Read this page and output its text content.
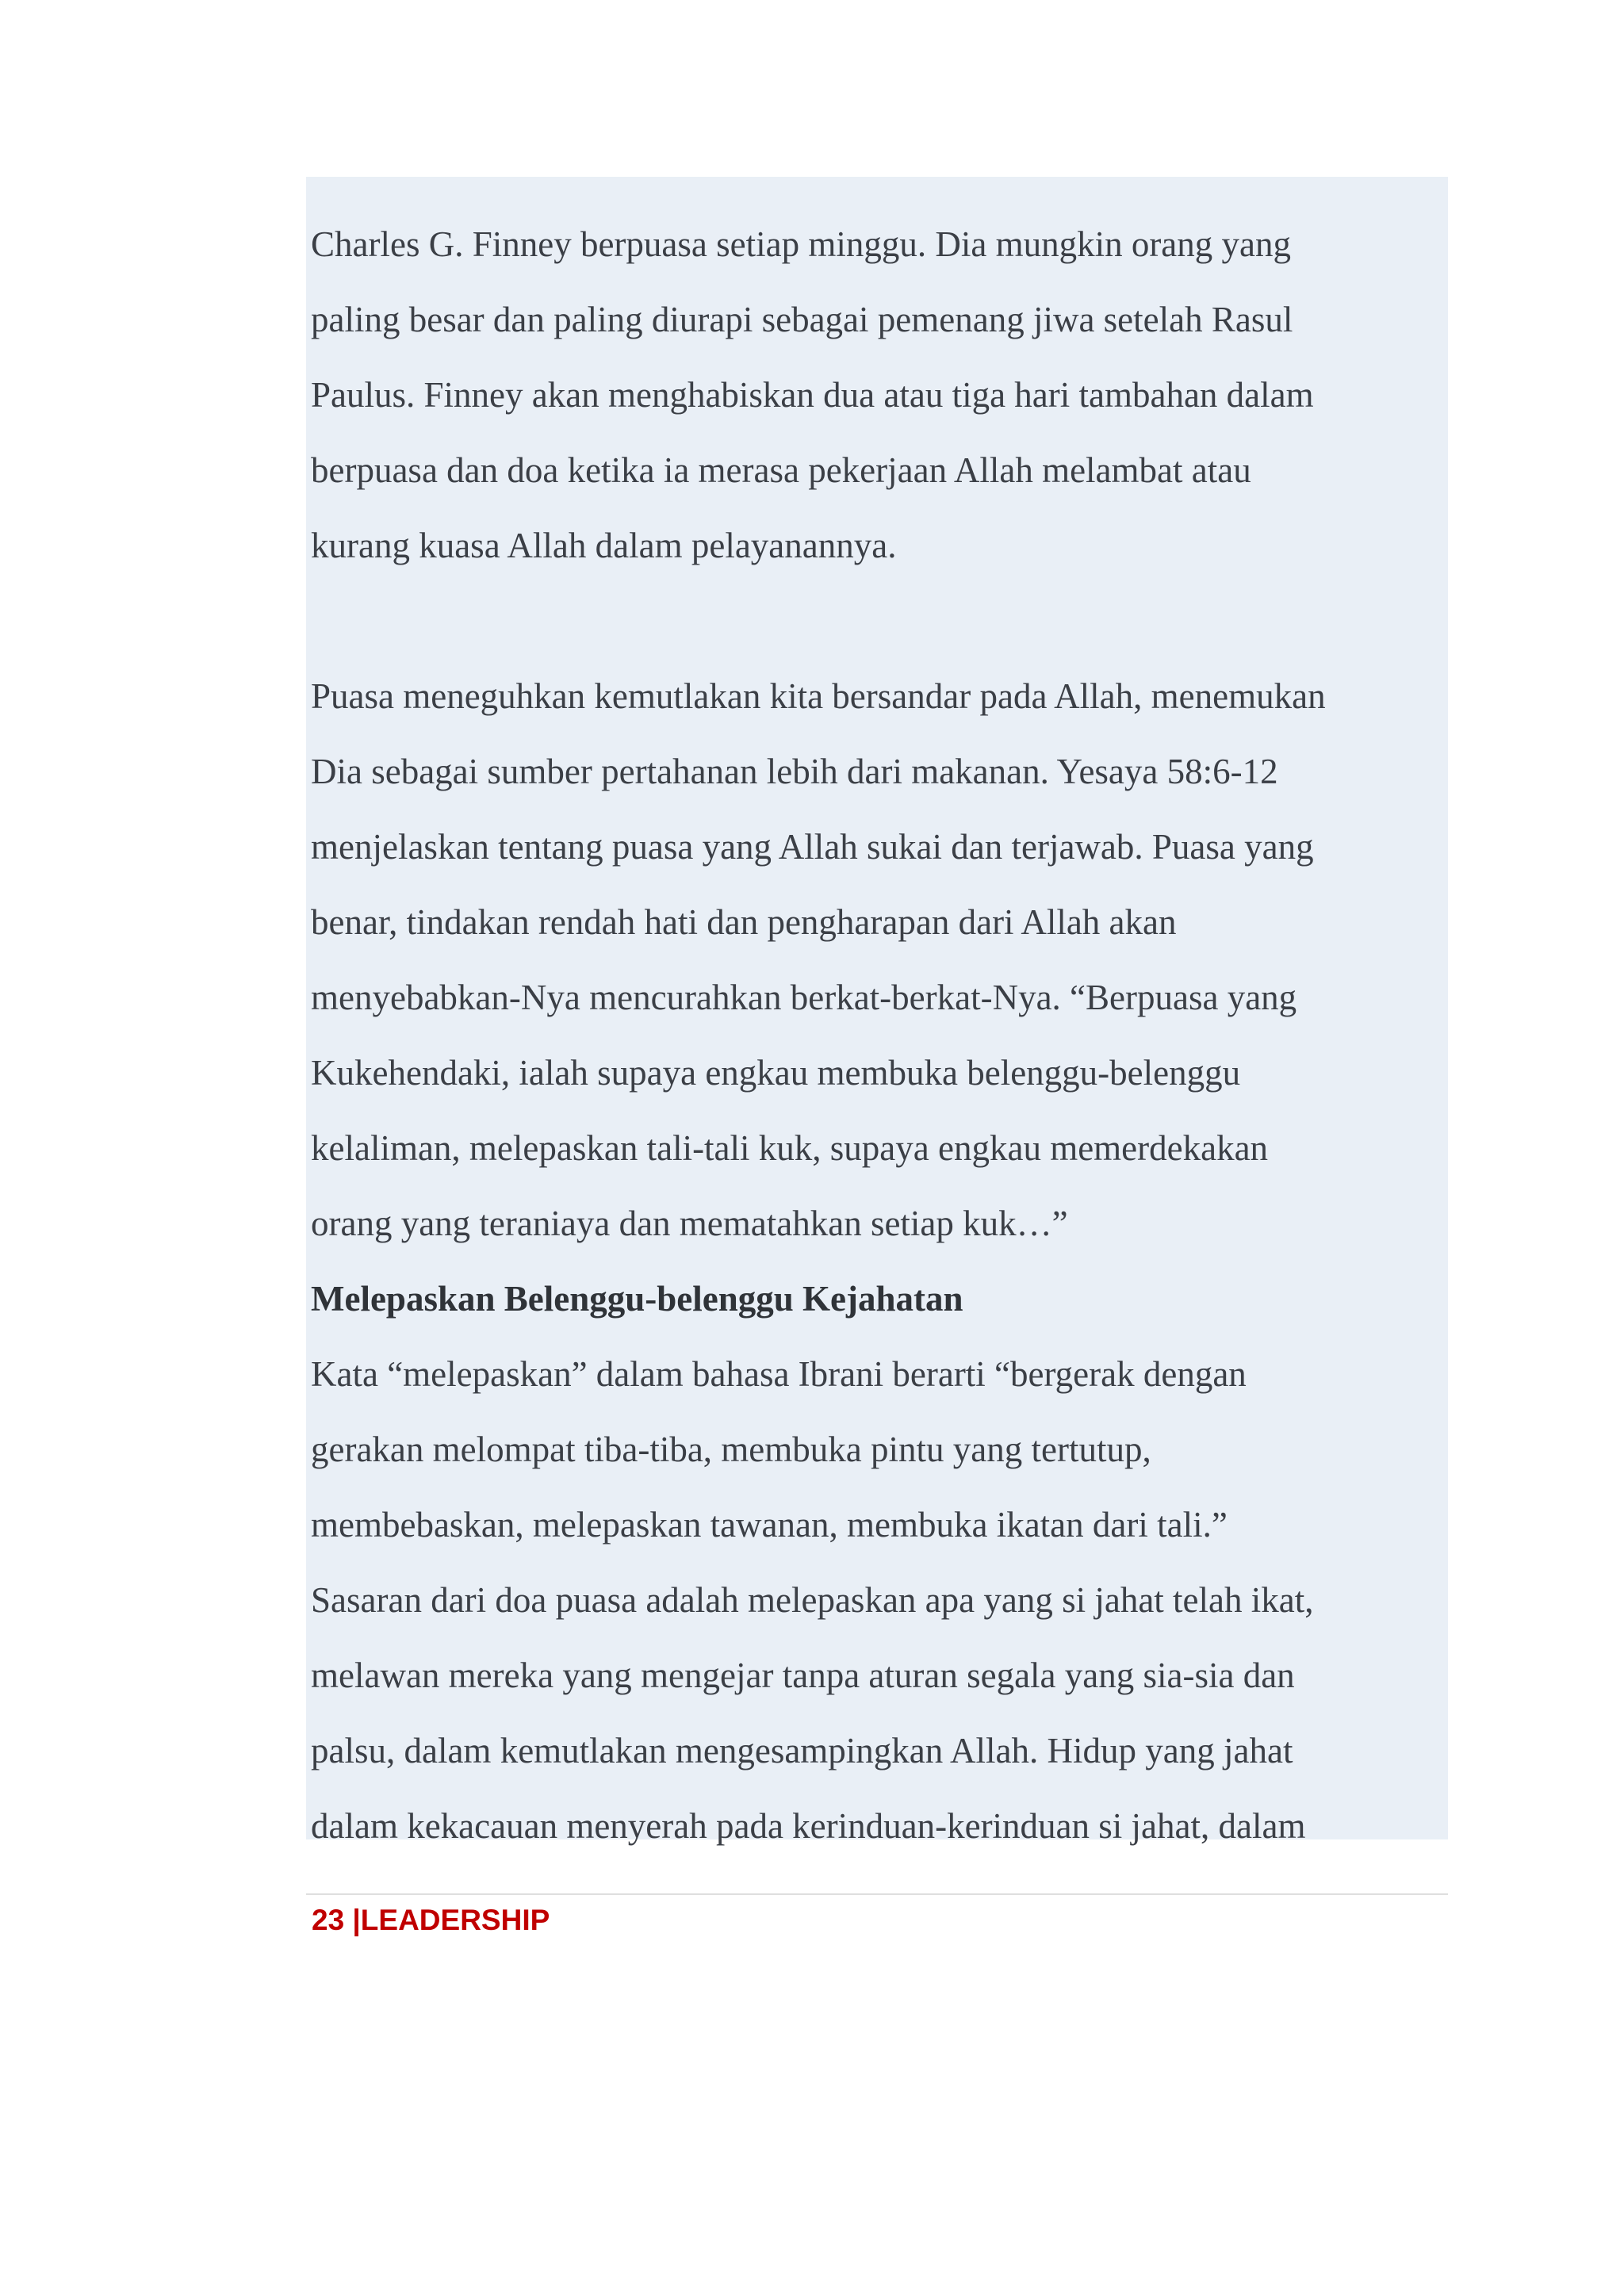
Charles G. Finney berpuasa setiap minggu. Dia mungkin orang yang
paling besar dan paling diurapi sebagai pemenang jiwa setelah Rasul
Paulus. Finney akan menghabiskan dua atau tiga hari tambahan dalam
berpuasa dan doa ketika ia merasa pekerjaan Allah melambat atau
kurang kuasa Allah dalam pelayanannya.
Puasa meneguhkan kemutlakan kita bersandar pada Allah, menemukan
Dia sebagai sumber pertahanan lebih dari makanan. Yesaya 58:6-12
menjelaskan tentang puasa yang Allah sukai dan terjawab. Puasa yang
benar, tindakan rendah hati dan pengharapan dari Allah akan
menyebabkan-Nya mencurahkan berkat-berkat-Nya. “Berpuasa yang
Kukehendaki, ialah supaya engkau membuka belenggu-belenggu
kelaliman, melepaskan tali-tali kuk, supaya engkau memerdekakan
orang yang teraniaya dan mematahkan setiap kuk…”
Melepaskan Belenggu-belenggu Kejahatan
Kata “melepaskan” dalam bahasa Ibrani berarti “bergerak dengan
gerakan melompat tiba-tiba, membuka pintu yang tertutup,
membebaskan, melepaskan tawanan, membuka ikatan dari tali.”
Sasaran dari doa puasa adalah melepaskan apa yang si jahat telah ikat,
melawan mereka yang mengejar tanpa aturan segala yang sia-sia dan
palsu, dalam kemutlakan mengesampingkan Allah. Hidup yang jahat
dalam kekacauan menyerah pada kerinduan-kerinduan si jahat, dalam
23 |LEADERSHIP
